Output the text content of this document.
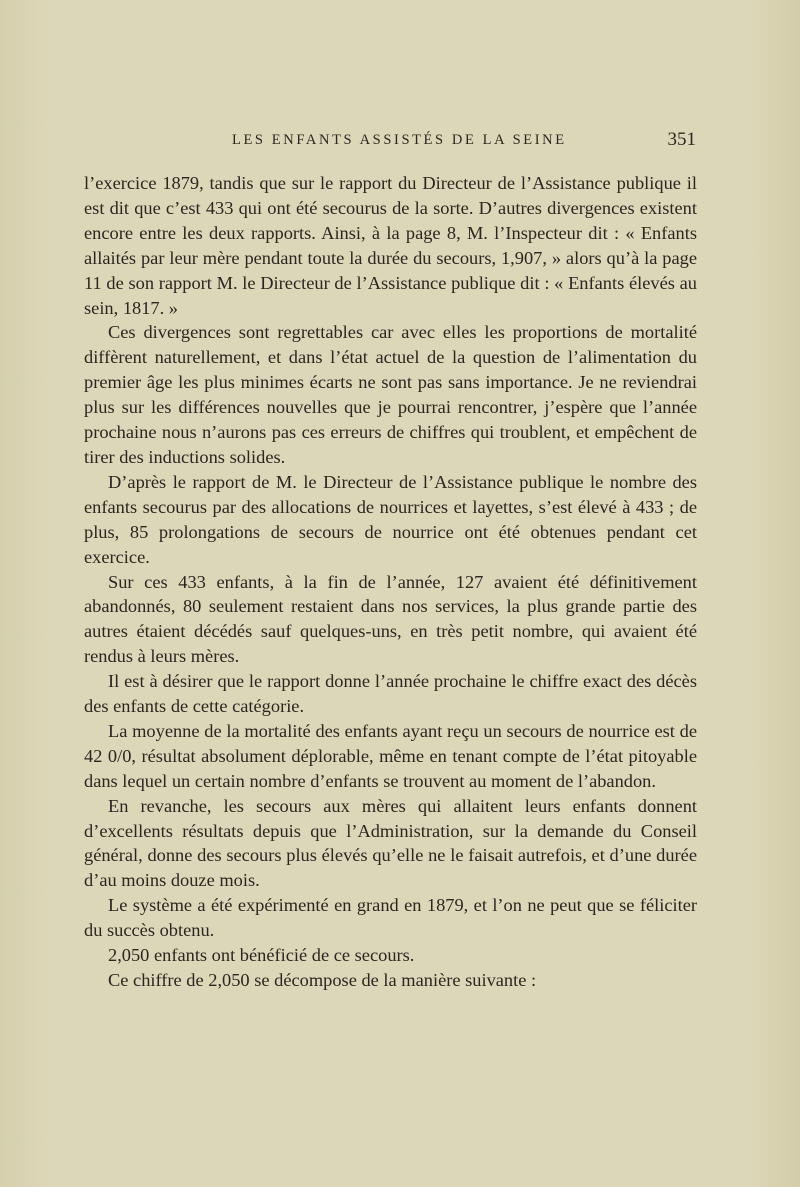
LES ENFANTS ASSISTÉS DE LA SEINE	351

l’exercice 1879, tandis que sur le rapport du Directeur de l’Assistance publique il est dit que c’est 433 qui ont été secourus de la sorte. D’autres divergences existent encore entre les deux rapports. Ainsi, à la page 8, M. l’Inspecteur dit : « Enfants allaités par leur mère pendant toute la durée du secours, 1,907, » alors qu’à la page 11 de son rapport M. le Directeur de l’Assistance publique dit : « Enfants élevés au sein, 1817. »

Ces divergences sont regrettables car avec elles les proportions de mortalité diffèrent naturellement, et dans l’état actuel de la question de l’alimentation du premier âge les plus minimes écarts ne sont pas sans importance. Je ne reviendrai plus sur les différences nouvelles que je pourrai rencontrer, j’espère que l’année prochaine nous n’aurons pas ces erreurs de chiffres qui troublent, et empêchent de tirer des inductions solides.

D’après le rapport de M. le Directeur de l’Assistance publique le nombre des enfants secourus par des allocations de nourrices et layettes, s’est élevé à 433 ; de plus, 85 prolongations de secours de nourrice ont été obtenues pendant cet exercice.

Sur ces 433 enfants, à la fin de l’année, 127 avaient été définitivement abandonnés, 80 seulement restaient dans nos services, la plus grande partie des autres étaient décédés sauf quelques-uns, en très petit nombre, qui avaient été rendus à leurs mères.

Il est à désirer que le rapport donne l’année prochaine le chiffre exact des décès des enfants de cette catégorie.

La moyenne de la mortalité des enfants ayant reçu un secours de nourrice est de 42 0/0, résultat absolument déplorable, même en tenant compte de l’état pitoyable dans lequel un certain nombre d’enfants se trouvent au moment de l’abandon.

En revanche, les secours aux mères qui allaitent leurs enfants donnent d’excellents résultats depuis que l’Administration, sur la demande du Conseil général, donne des secours plus élevés qu’elle ne le faisait autrefois, et d’une durée d’au moins douze mois.

Le système a été expérimenté en grand en 1879, et l’on ne peut que se féliciter du succès obtenu.

2,050 enfants ont bénéficié de ce secours.

Ce chiffre de 2,050 se décompose de la manière suivante :
